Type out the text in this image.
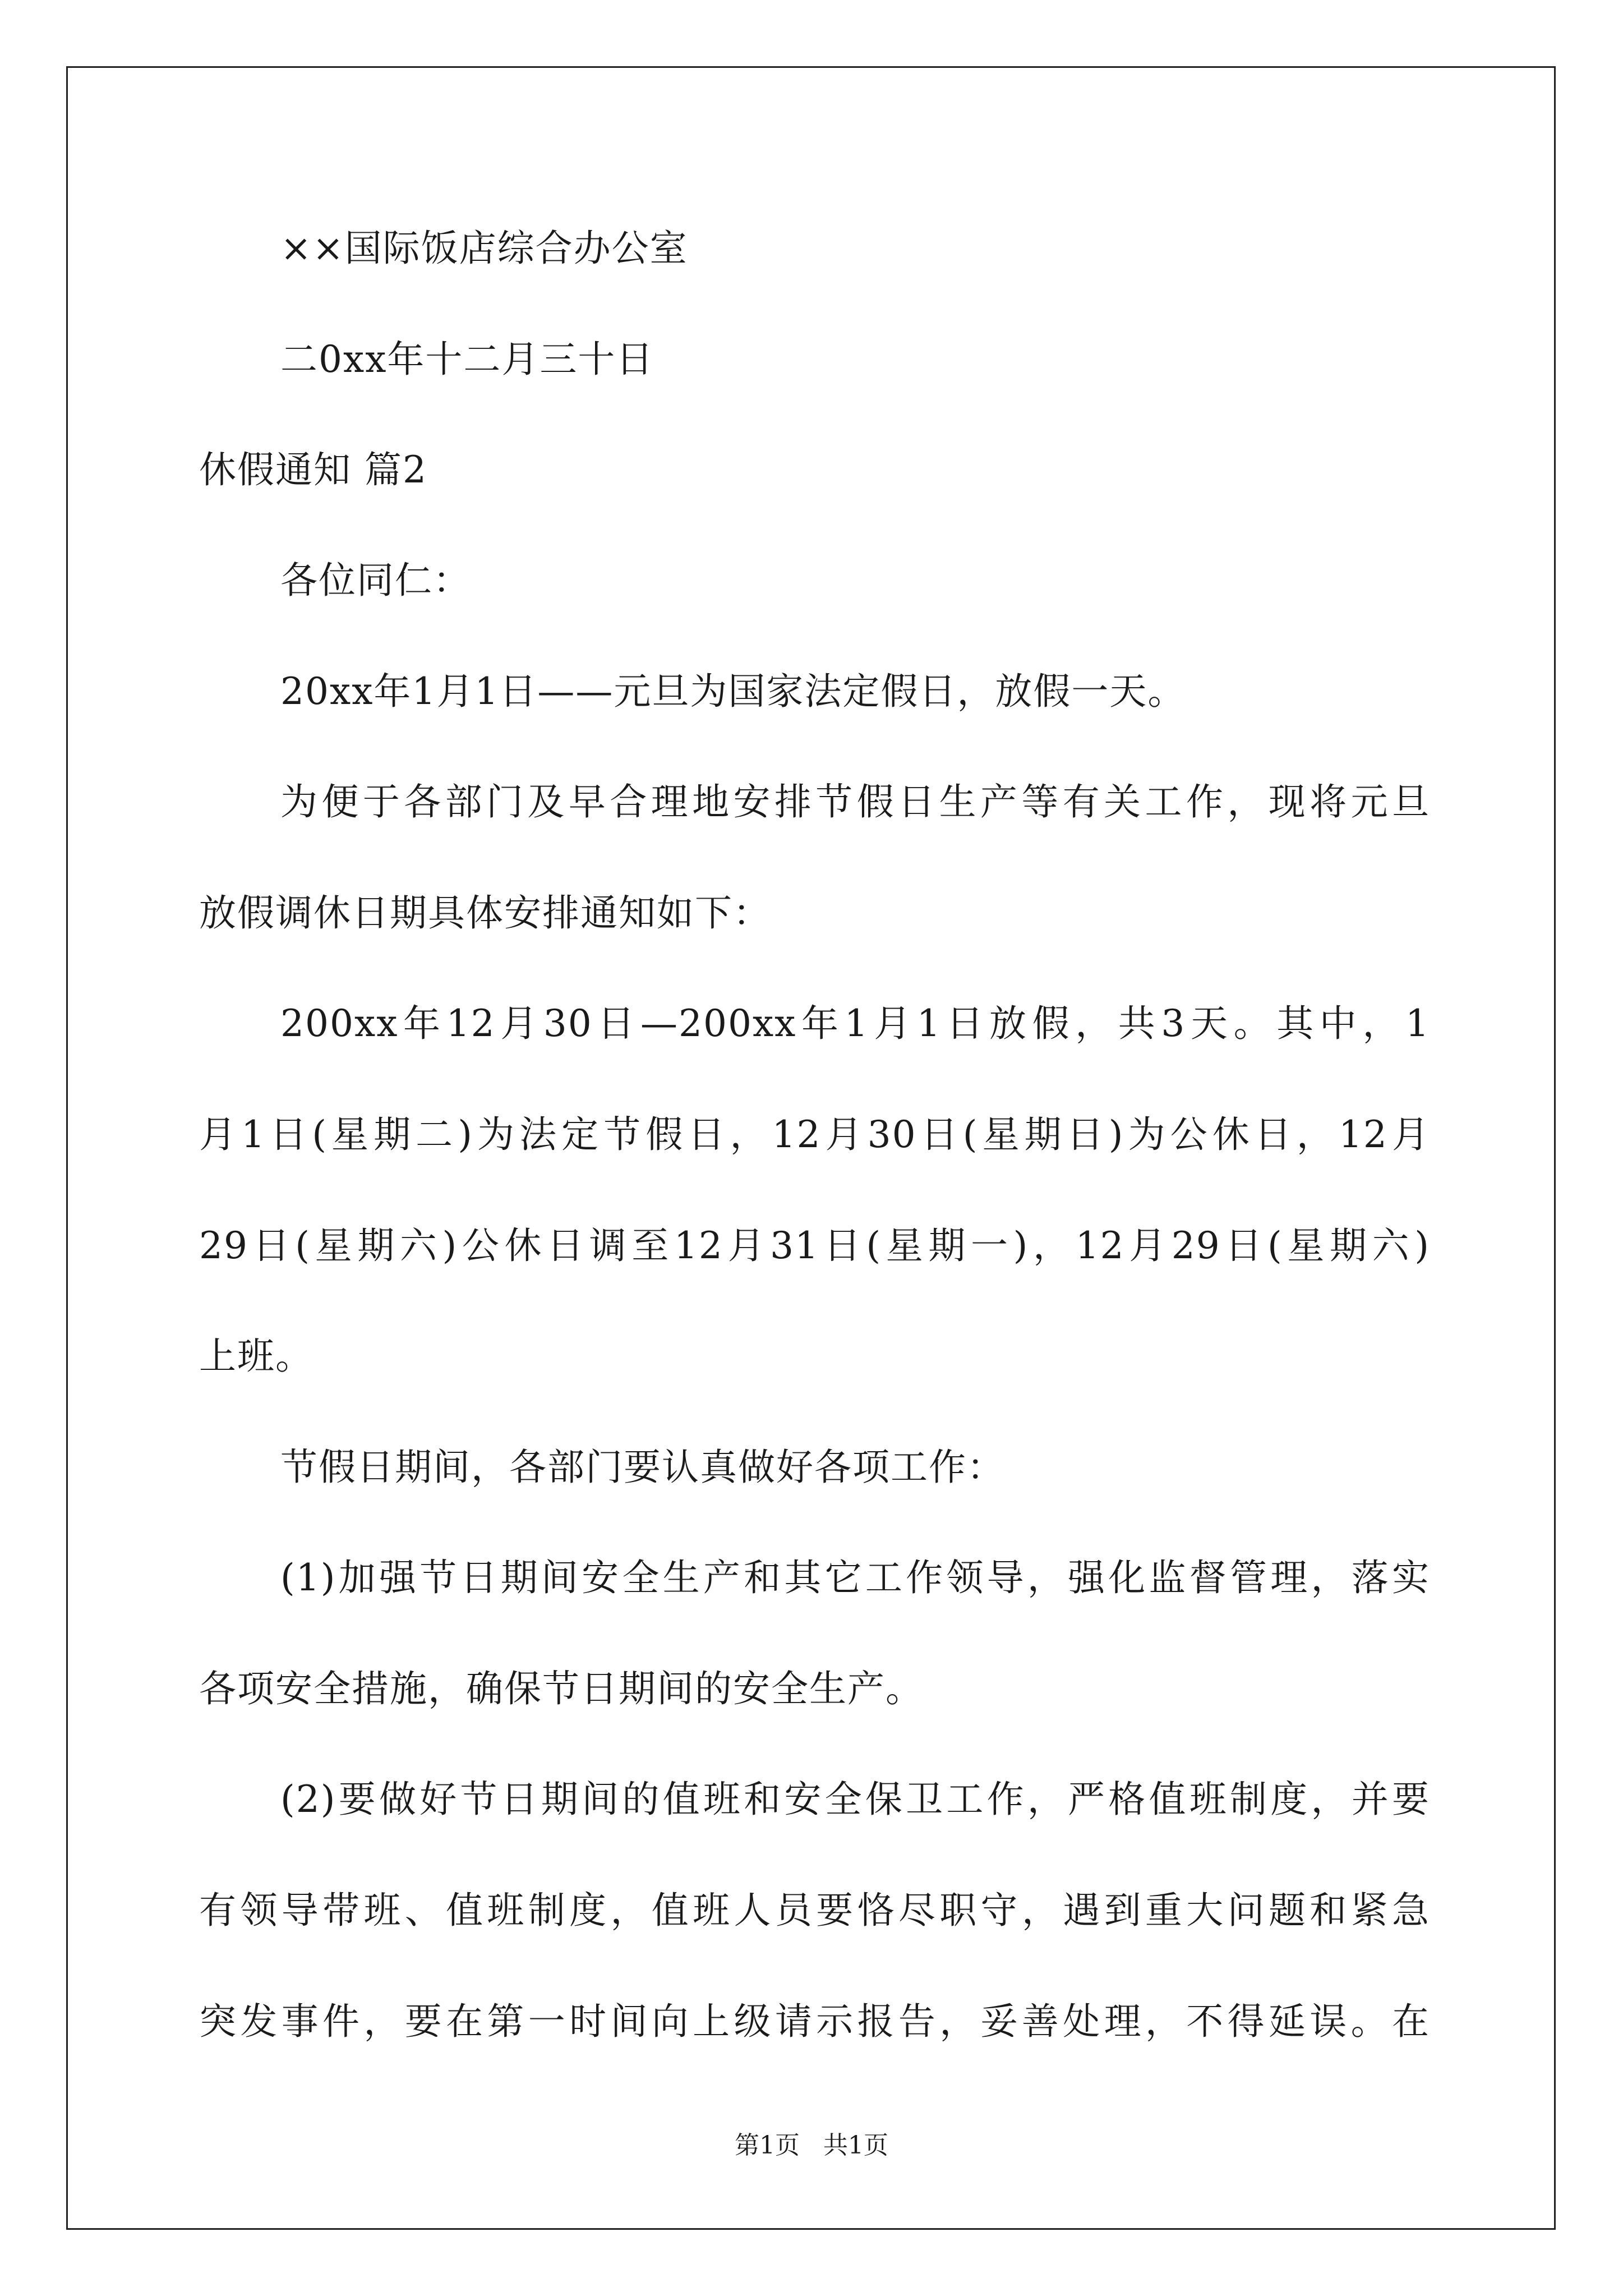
××国际饭店综合办公室
二0xx年十二月三十日
休假通知 篇2
各位同仁：
20xx年1月1日——元旦为国家法定假日，放假一天。
为便于各部门及早合理地安排节假日生产等有关工作，现将元旦
放假调休日期具体安排通知如下：
200xx年12月30日—200xx年1月1日放假，共3天。其中，1
月1日(星期二)为法定节假日，12月30日(星期日)为公休日，12月
29日(星期六)公休日调至12月31日(星期一)，12月29日(星期六)
上班。
节假日期间，各部门要认真做好各项工作：
(1)加强节日期间安全生产和其它工作领导，强化监督管理，落实
各项安全措施，确保节日期间的安全生产。
(2)要做好节日期间的值班和安全保卫工作，严格值班制度，并要
有领导带班、值班制度，值班人员要恪尽职守，遇到重大问题和紧急
突发事件，要在第一时间向上级请示报告，妥善处理，不得延误。在
第1页   共1页
